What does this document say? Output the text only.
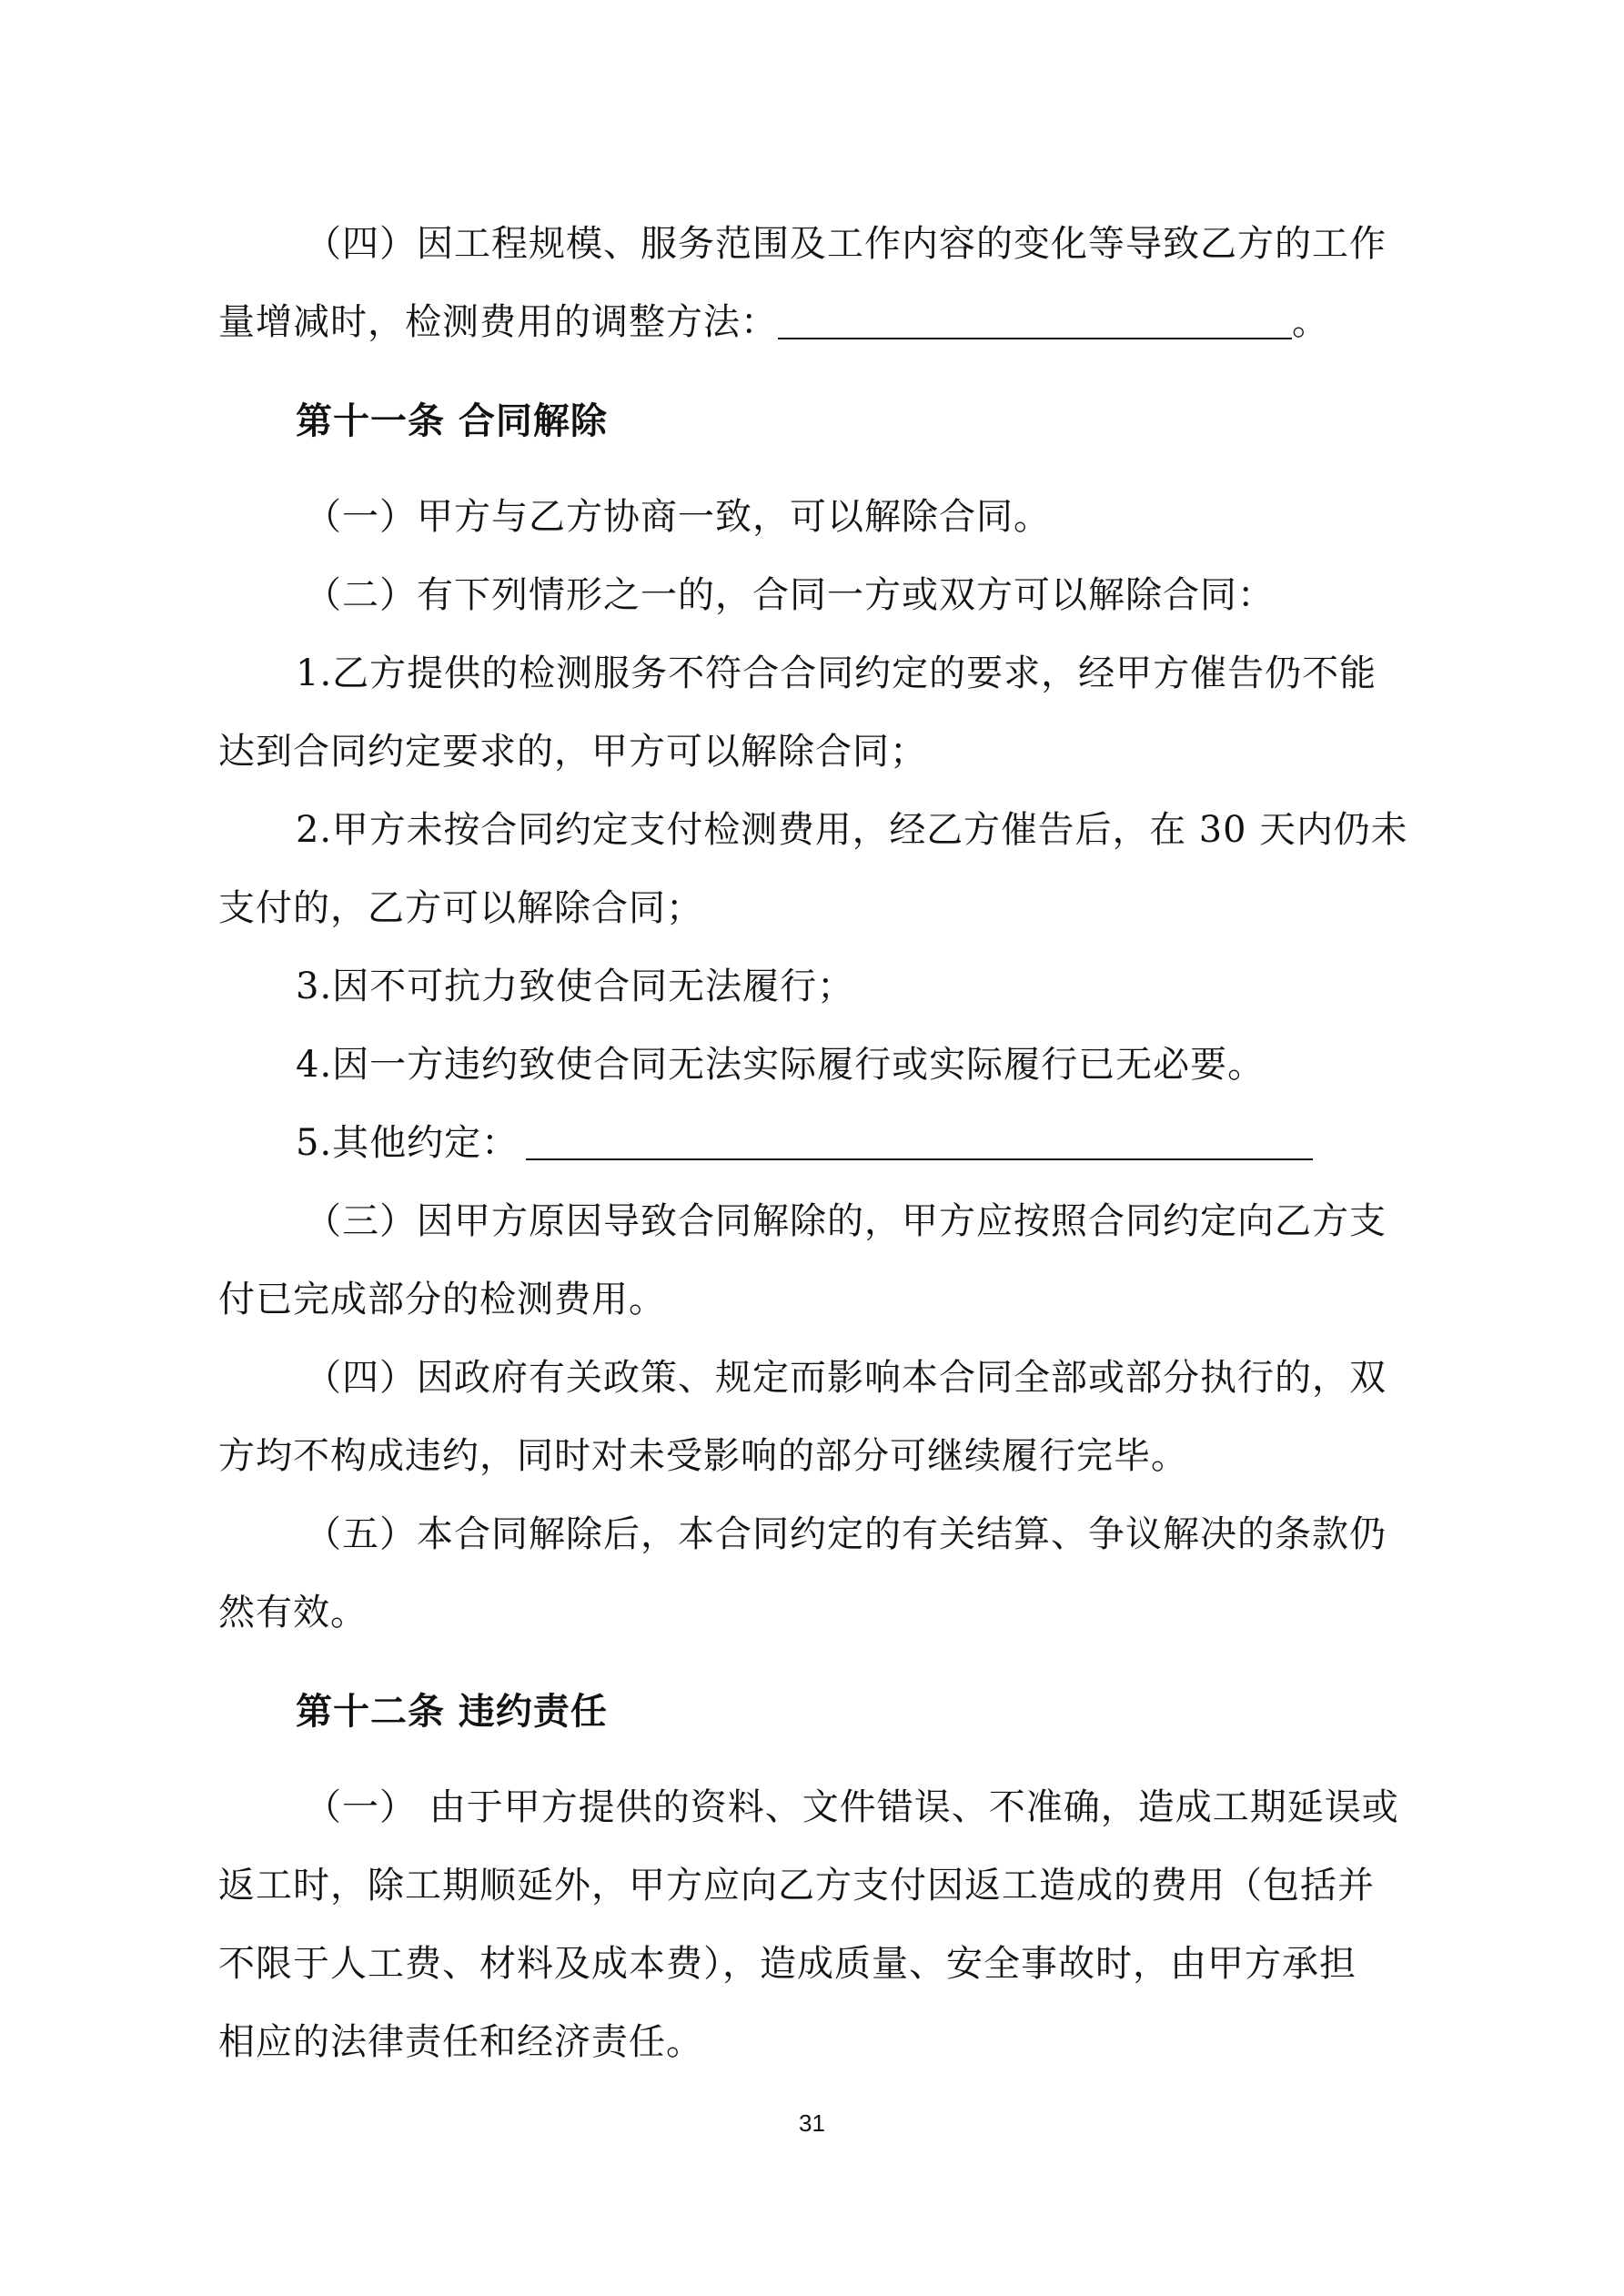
（四）因工程规模、服务范围及工作内容的变化等导致乙方的工作
量增减时，检测费用的调整方法：	。
第十一条 合同解除
（一）甲方与乙方协商一致，可以解除合同。
（二）有下列情形之一的，合同一方或双方可以解除合同：
1.乙方提供的检测服务不符合合同约定的要求，经甲方催告仍不能
达到合同约定要求的，甲方可以解除合同；
2.甲方未按合同约定支付检测费用，经乙方催告后，在 30 天内仍未
支付的，乙方可以解除合同；
3.因不可抗力致使合同无法履行；
4.因一方违约致使合同无法实际履行或实际履行已无必要。
5.其他约定：
（三）因甲方原因导致合同解除的，甲方应按照合同约定向乙方支
付已完成部分的检测费用。
（四）因政府有关政策、规定而影响本合同全部或部分执行的，双
方均不构成违约，同时对未受影响的部分可继续履行完毕。
（五）本合同解除后，本合同约定的有关结算、争议解决的条款仍
然有效。
第十二条 违约责任
（一） 由于甲方提供的资料、文件错误、不准确，造成工期延误或
返工时，除工期顺延外，甲方应向乙方支付因返工造成的费用（包括并
不限于人工费、材料及成本费），造成质量、安全事故时，由甲方承担
相应的法律责任和经济责任。
31
